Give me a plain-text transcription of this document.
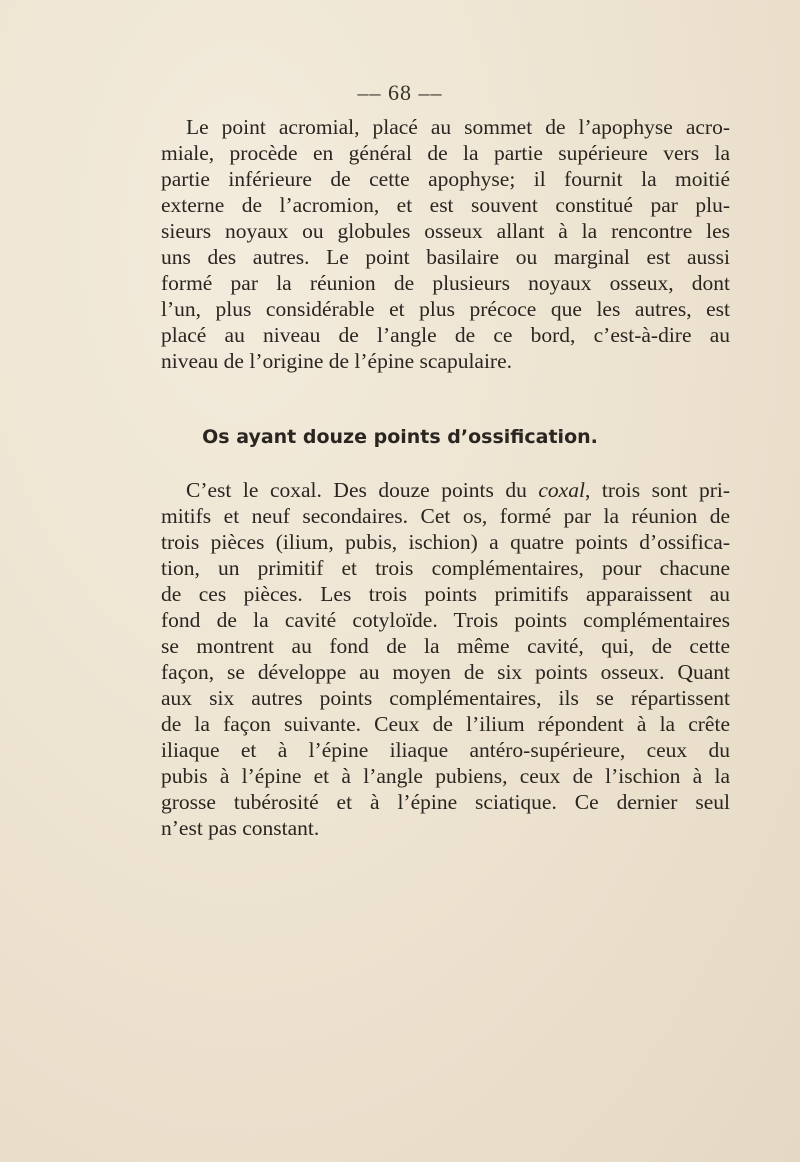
–– 68 ––
Le point acromial, placé au sommet de l’apophyse acro-
miale, procède en général de la partie supérieure vers la
partie inférieure de cette apophyse; il fournit la moitié
externe de l’acromion, et est souvent constitué par plu-
sieurs noyaux ou globules osseux allant à la rencontre les
uns des autres. Le point basilaire ou marginal est aussi
formé par la réunion de plusieurs noyaux osseux, dont
l’un, plus considérable et plus précoce que les autres, est
placé au niveau de l’angle de ce bord, c’est-à-dire au
niveau de l’origine de l’épine scapulaire.
Os ayant douze points d’ossification.
C’est le coxal. Des douze points du coxal, trois sont pri-
mitifs et neuf secondaires. Cet os, formé par la réunion de
trois pièces (ilium, pubis, ischion) a quatre points d’ossifica-
tion, un primitif et trois complémentaires, pour chacune
de ces pièces. Les trois points primitifs apparaissent au
fond de la cavité cotyloïde. Trois points complémentaires
se montrent au fond de la même cavité, qui, de cette
façon, se développe au moyen de six points osseux. Quant
aux six autres points complémentaires, ils se répartissent
de la façon suivante. Ceux de l’ilium répondent à la crête
iliaque et à l’épine iliaque antéro-supérieure, ceux du
pubis à l’épine et à l’angle pubiens, ceux de l’ischion à la
grosse tubérosité et à l’épine sciatique. Ce dernier seul
n’est pas constant.
